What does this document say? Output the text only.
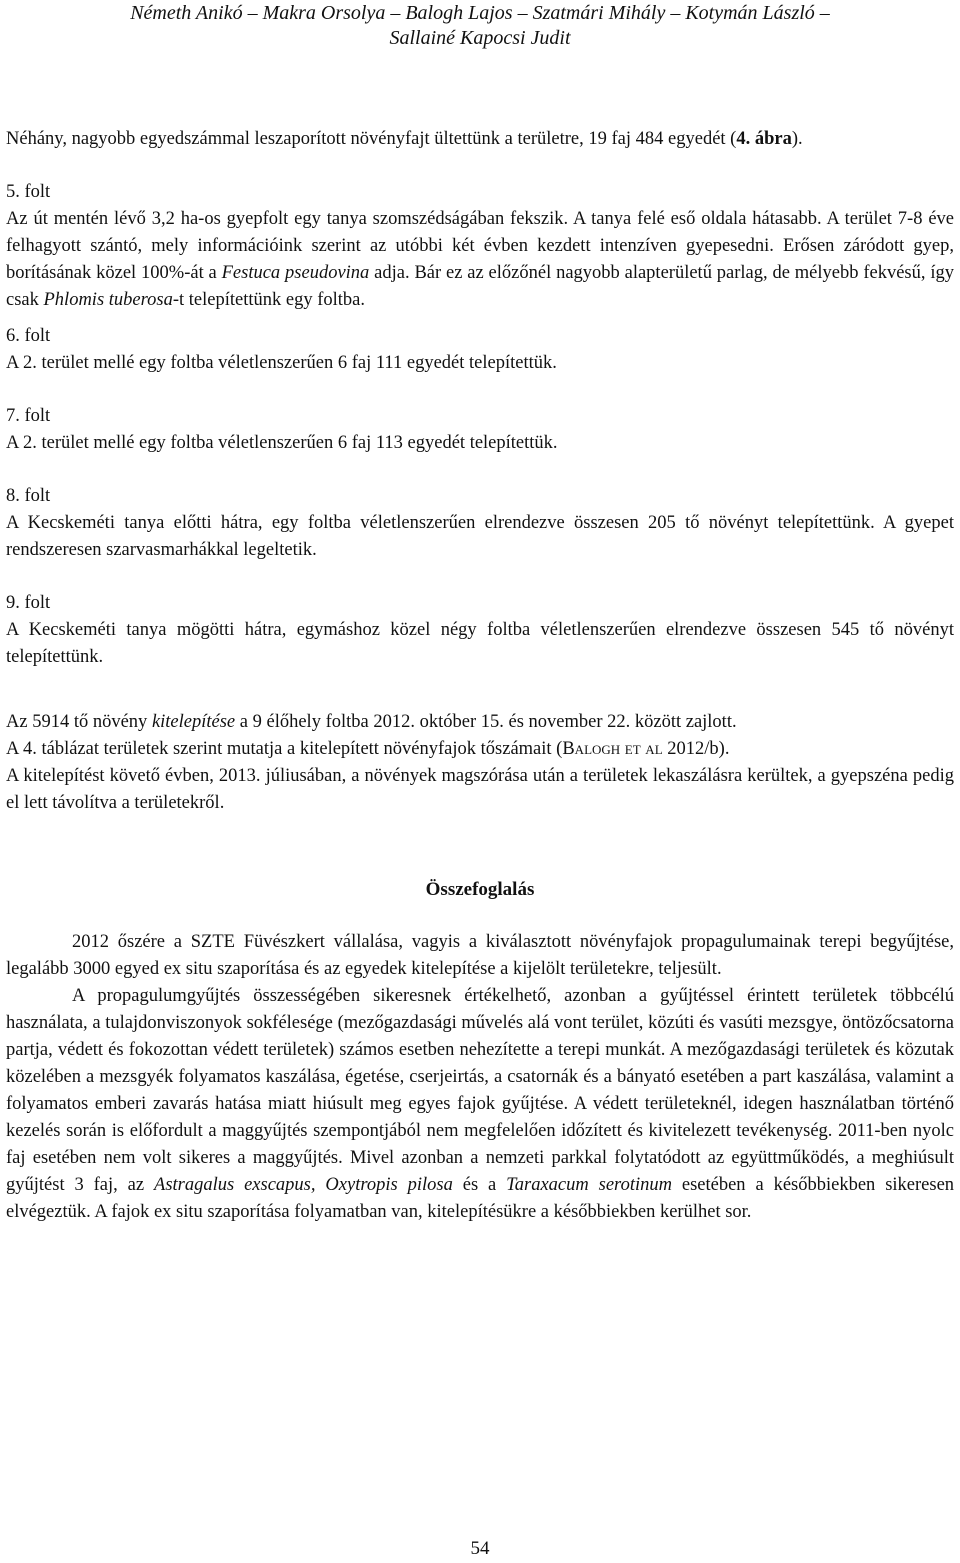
Németh Anikó – Makra Orsolya – Balogh Lajos – Szatmári Mihály – Kotymán László –
Sallainé Kapocsi Judit

Néhány, nagyobb egyedszámmal leszaporított növényfajt ültettünk a területre, 19 faj 484 egyedét (4. ábra).

5. folt

Az út mentén lévő 3,2 ha-os gyepfolt egy tanya szomszédságában fekszik. A tanya felé eső oldala hátasabb. A terület 7-8 éve felhagyott szántó, mely információink szerint az utóbbi két évben kezdett intenzíven gyepesedni. Erősen záródott gyep, borításának közel 100%-át a Festuca pseudovina adja. Bár ez az előzőnél nagyobb alapterületű parlag, de mélyebb fekvésű, így csak Phlomis tuberosa-t telepítettünk egy foltba.

6. folt

A 2. terület mellé egy foltba véletlenszerűen 6 faj 111 egyedét telepítettük.

7. folt

A 2. terület mellé egy foltba véletlenszerűen 6 faj 113 egyedét telepítettük.

8. folt

A Kecskeméti tanya előtti hátra, egy foltba véletlenszerűen elrendezve összesen 205 tő növényt telepítettünk. A gyepet rendszeresen szarvasmarhákkal legeltetik.

9. folt

A Kecskeméti tanya mögötti hátra, egymáshoz közel négy foltba véletlenszerűen elrendezve összesen 545 tő növényt telepítettünk.

Az 5914 tő növény kitelepítése a 9 élőhely foltba 2012. október 15. és november 22. között zajlott.

A 4. táblázat területek szerint mutatja a kitelepített növényfajok tőszámait (Balogh et al 2012/b).

A kitelepítést követő évben, 2013. júliusában, a növények magszórása után a területek lekaszálásra kerültek, a gyepszéna pedig el lett távolítva a területekről.

Összefoglalás

2012 őszére a SZTE Füvészkert vállalása, vagyis a kiválasztott növényfajok propagulumainak terepi begyűjtése, legalább 3000 egyed ex situ szaporítása és az egyedek kitelepítése a kijelölt területekre, teljesült.

A propagulumgyűjtés összességében sikeresnek értékelhető, azonban a gyűjtéssel érintett területek többcélú használata, a tulajdonviszonyok sokfélesége (mezőgazdasági művelés alá vont terület, közúti és vasúti mezsgye, öntözőcsatorna partja, védett és fokozottan védett területek) számos esetben nehezítette a terepi munkát. A mezőgazdasági területek és közutak közelében a mezsgyék folyamatos kaszálása, égetése, cserjeirtás, a csatornák és a bányató esetében a part kaszálása, valamint a folyamatos emberi zavarás hatása miatt hiúsult meg egyes fajok gyűjtése. A védett területeknél, idegen használatban történő kezelés során is előfordult a maggyűjtés szempontjából nem megfelelően időzített és kivitelezett tevékenység. 2011-ben nyolc faj esetében nem volt sikeres a maggyűjtés. Mivel azonban a nemzeti parkkal folytatódott az együttműködés, a meghiúsult gyűjtést 3 faj, az Astragalus exscapus, Oxytropis pilosa és a Taraxacum serotinum esetében a későbbiekben sikeresen elvégeztük. A fajok ex situ szaporítása folyamatban van, kitelepítésükre a későbbiekben kerülhet sor.

54
